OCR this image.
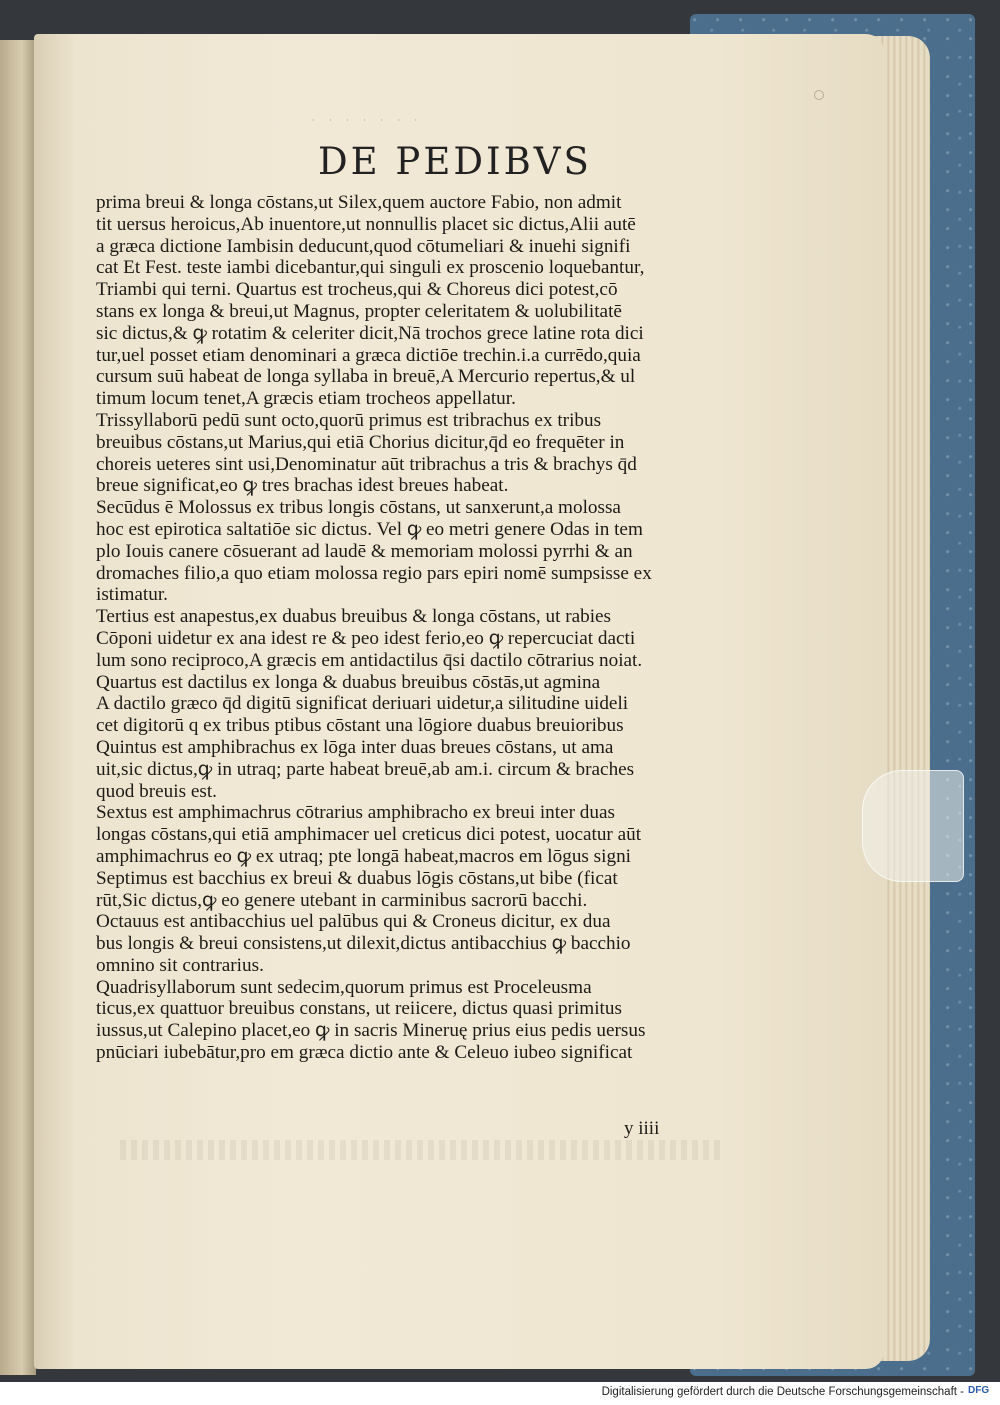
· · · · · · ·
DE PEDIBVS
prima breui & longa cōstans,ut Silex,quem auctore Fabio, non admit
tit uersus heroicus,Ab inuentore,ut nonnullis placet sic dictus,Alii autē
a græca dictione Iambisin deducunt,quod cōtumeliari & inuehi signifi
cat Et Fest. teste iambi dicebantur,qui singuli ex proscenio loquebantur,
Triambi qui terni. Quartus est trocheus,qui & Choreus dici potest,cō
stans ex longa & breui,ut Magnus, propter celeritatem & uolubilitatē
sic dictus,& ꝙ rotatim & celeriter dicit,Nā trochos grece latine rota dici
tur,uel posset etiam denominari a græca dictiōe trechin.i.a currēdo,quia
cursum suū habeat de longa syllaba in breuē,A Mercurio repertus,& ul
timum locum tenet,A græcis etiam trocheos appellatur.
Trissyllaborū pedū sunt octo,quorū primus est tribrachus ex tribus
breuibus cōstans,ut Marius,qui etiā Chorius dicitur,q̄d eo frequēter in
choreis ueteres sint usi,Denominatur aūt tribrachus a tris & brachys q̄d
breue significat,eo ꝙ tres brachas idest breues habeat.
Secūdus ē Molossus ex tribus longis cōstans, ut sanxerunt,a molossa
hoc est epirotica saltatiōe sic dictus. Vel ꝙ eo metri genere Odas in tem
plo Iouis canere cōsuerant ad laudē & memoriam molossi pyrrhi & an
dromaches filio,a quo etiam molossa regio pars epiri nomē sumpsisse ex
istimatur.
Tertius est anapestus,ex duabus breuibus & longa cōstans, ut rabies
Cōponi uidetur ex ana idest re & peo idest ferio,eo ꝙ repercuciat dacti
lum sono reciproco,A græcis em antidactilus q̄si dactilo cōtrarius noiat.
Quartus est dactilus ex longa & duabus breuibus cōstās,ut agmina
A dactilo græco q̄d digitū significat deriuari uidetur,a silitudine uideli
cet digitorū q ex tribus ptibus cōstant una lōgiore duabus breuioribus
Quintus est amphibrachus ex lōga inter duas breues cōstans, ut ama
uit,sic dictus,ꝙ in utraq; parte habeat breuē,ab am.i. circum & braches
quod breuis est.
Sextus est amphimachrus cōtrarius amphibracho ex breui inter duas
longas cōstans,qui etiā amphimacer uel creticus dici potest, uocatur aūt
amphimachrus eo ꝙ ex utraq; pte longā habeat,macros em lōgus signi
Septimus est bacchius ex breui & duabus lōgis cōstans,ut bibe (ficat
rūt,Sic dictus,ꝙ eo genere utebant in carminibus sacrorū bacchi.
Octauus est antibacchius uel palūbus qui & Croneus dicitur, ex dua
bus longis & breui consistens,ut dilexit,dictus antibacchius ꝙ bacchio
omnino sit contrarius.
Quadrisyllaborum sunt sedecim,quorum primus est Proceleusma
ticus,ex quattuor breuibus constans, ut reiicere, dictus quasi primitus
iussus,ut Calepino placet,eo ꝙ in sacris Mineruę prius eius pedis uersus
pnūciari iubebātur,pro em græca dictio ante & Celeuo iubeo significat
y iiii
Digitalisierung gefördert durch die Deutsche Forschungsgemeinschaft - DFG
